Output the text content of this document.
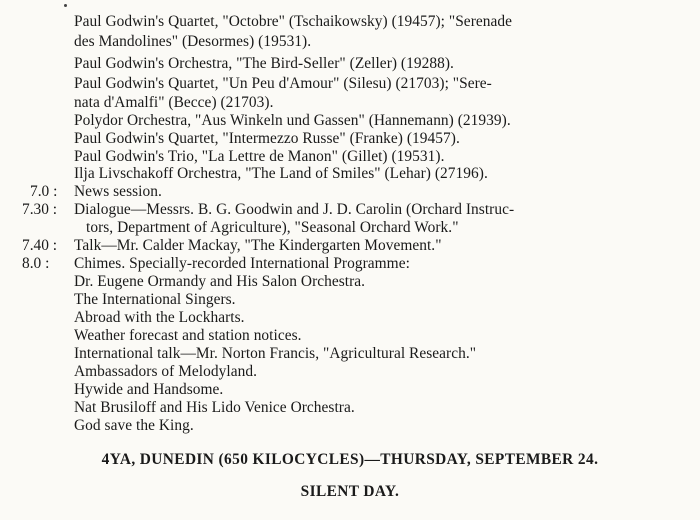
Paul Godwin's Quartet, "Octobre" (Tschaikowsky) (19457); "Serenade
des Mandolines" (Desormes) (19531).
Paul Godwin's Orchestra, "The Bird-Seller" (Zeller) (19288).
Paul Godwin's Quartet, "Un Peu d'Amour" (Silesu) (21703); "Sere-
nata d'Amalfi" (Becce) (21703).
Polydor Orchestra, "Aus Winkeln und Gassen" (Hannemann) (21939).
Paul Godwin's Quartet, "Intermezzo Russe" (Franke) (19457).
Paul Godwin's Trio, "La Lettre de Manon" (Gillet) (19531).
Ilja Livschakoff Orchestra, "The Land of Smiles" (Lehar) (27196).
7.0 : News session.
7.30 : Dialogue—Messrs. B. G. Goodwin and J. D. Carolin (Orchard Instruc-
tors, Department of Agriculture), "Seasonal Orchard Work."
7.40 : Talk—Mr. Calder Mackay, "The Kindergarten Movement."
8.0 : Chimes. Specially-recorded International Programme:
Dr. Eugene Ormandy and His Salon Orchestra.
The International Singers.
Abroad with the Lockharts.
Weather forecast and station notices.
International talk—Mr. Norton Francis, "Agricultural Research."
Ambassadors of Melodyland.
Hywide and Handsome.
Nat Brusiloff and His Lido Venice Orchestra.
God save the King.
4YA, DUNEDIN (650 KILOCYCLES)—THURSDAY, SEPTEMBER 24.
SILENT DAY.
